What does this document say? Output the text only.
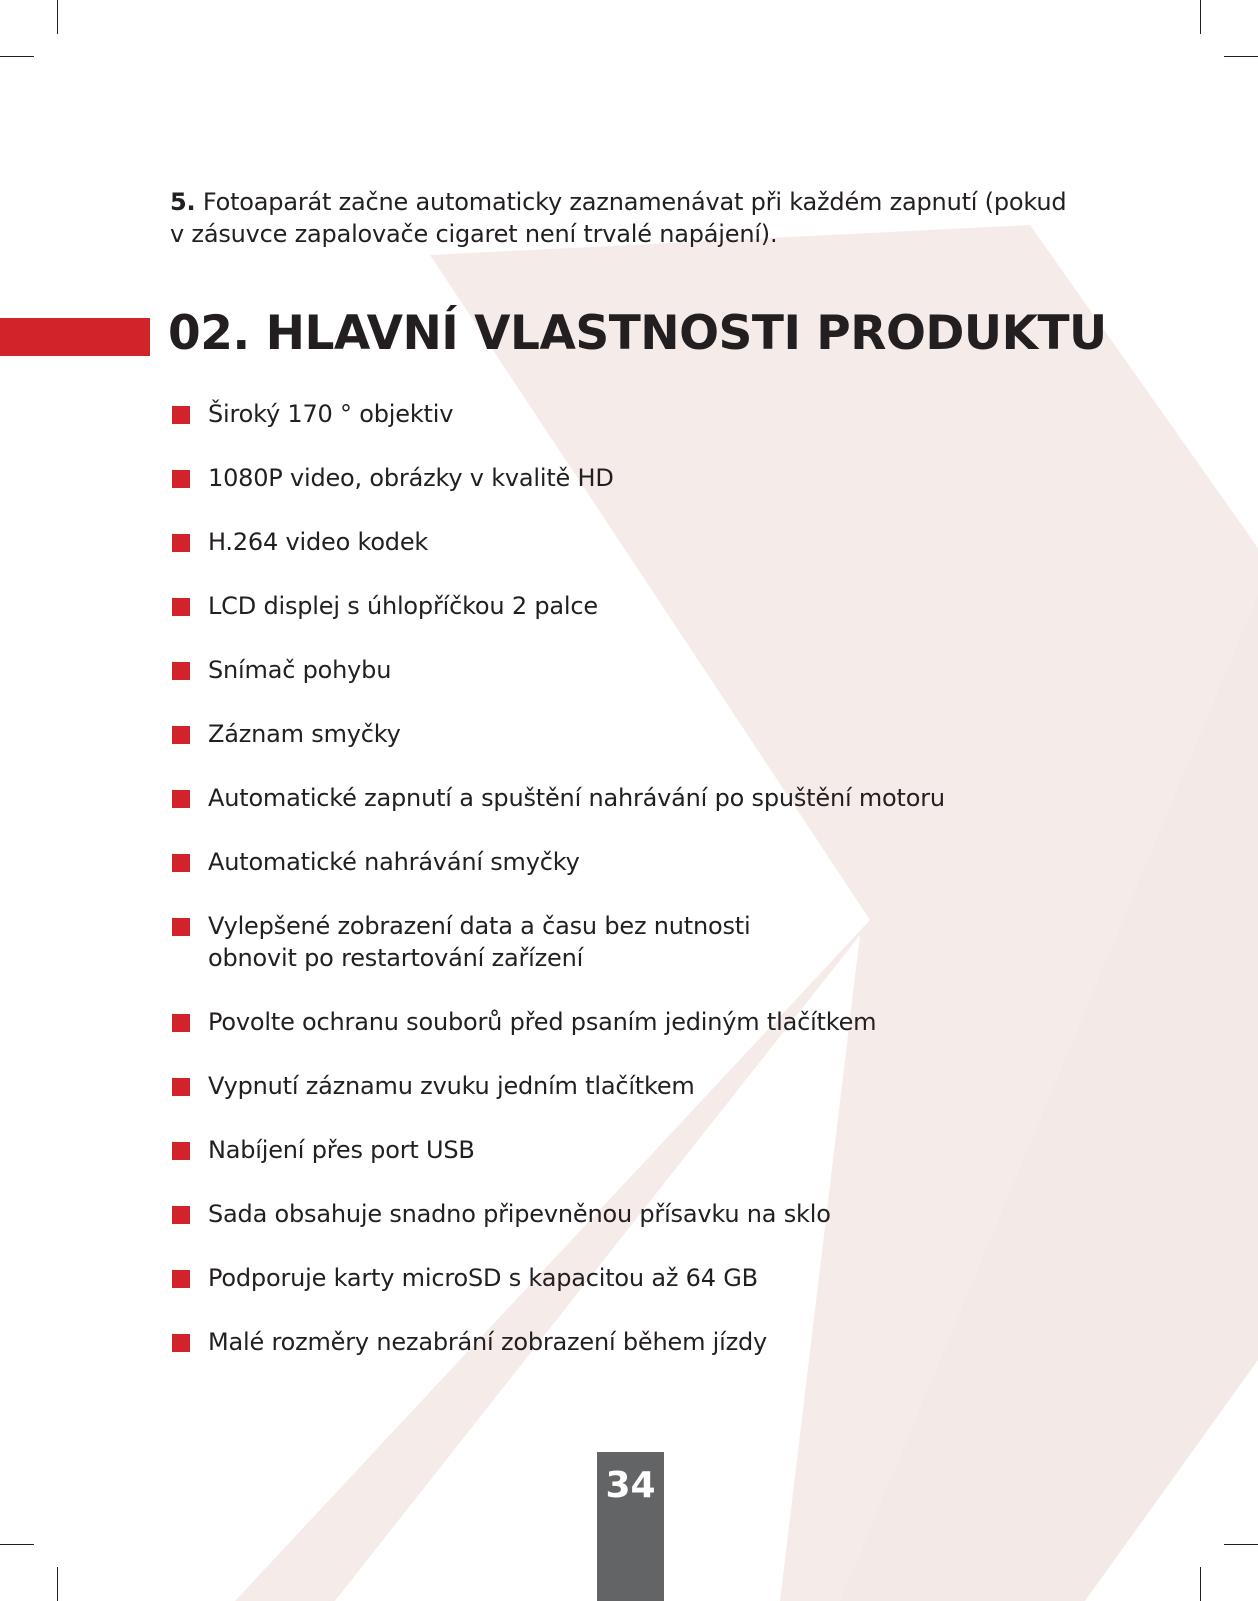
5. Fotoaparát začne automaticky zaznamenávat při každém zapnutí (pokud v zásuvce zapalovače cigaret není trvalé napájení).

02. HLAVNÍ VLASTNOSTI PRODUKTU
Široký 170 ° objektiv
1080P video, obrázky v kvalitě HD
H.264 video kodek
LCD displej s úhlopříčkou 2 palce
Snímač pohybu
Záznam smyčky
Automatické zapnutí a spuštění nahrávání po spuštění motoru
Automatické nahrávání smyčky
Vylepšené zobrazení data a času bez nutnosti
obnovit po restartování zařízení
Povolte ochranu souborů před psaním jediným tlačítkem
Vypnutí záznamu zvuku jedním tlačítkem
Nabíjení přes port USB
Sada obsahuje snadno připevněnou přísavku na sklo
Podporuje karty microSD s kapacitou až 64 GB
Malé rozměry nezabrání zobrazení během jízdy
34
